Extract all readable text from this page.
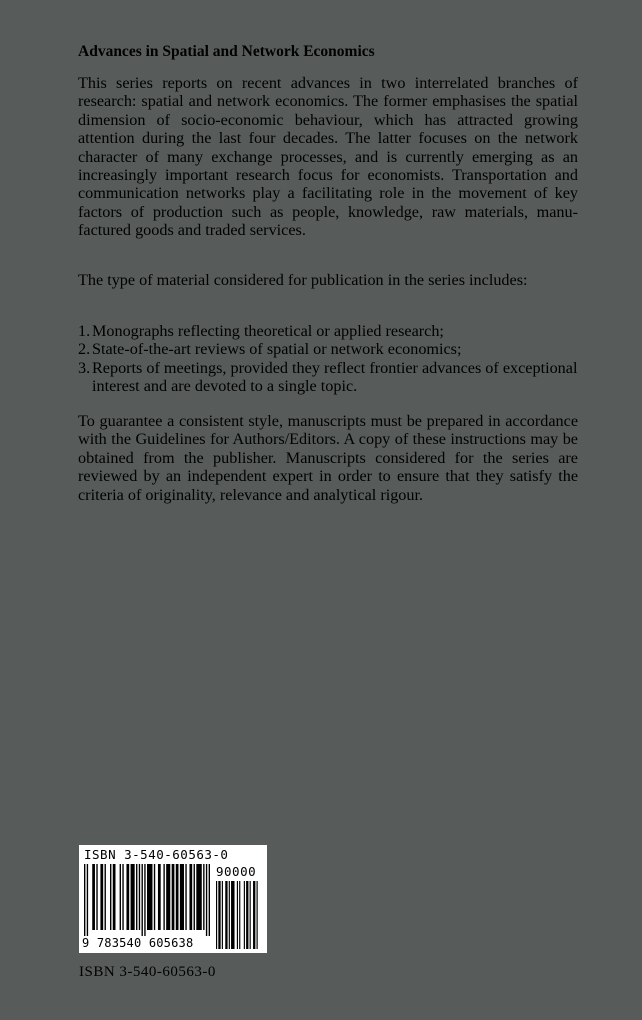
Advances in Spatial and Network Economics
This series reports on recent advances in two interrelated branches of research: spatial and network economics. The former emphasises the spatial dimension of socio-economic behaviour, which has attracted growing attention during the last four decades. The latter focuses on the network character of many exchange processes, and is currently emerging as an increasingly important research focus for economists. Transportation and communication networks play a facilitating role in the movement of key factors of production such as people, knowledge, raw materials, manufactured goods and traded services.
The type of material considered for publication in the series includes:
1. Monographs reflecting theoretical or applied research;
2. State-of-the-art reviews of spatial or network economics;
3. Reports of meetings, provided they reflect frontier advances of exceptional interest and are devoted to a single topic.
To guarantee a consistent style, manuscripts must be prepared in accordance with the Guidelines for Authors/Editors. A copy of these instructions may be obtained from the publisher. Manuscripts considered for the series are reviewed by an independent expert in order to ensure that they satisfy the criteria of originality, relevance and analytical rigour.
ISBN 3-540-60563-0
90000
9 783540 605638
ISBN 3-540-60563-0
